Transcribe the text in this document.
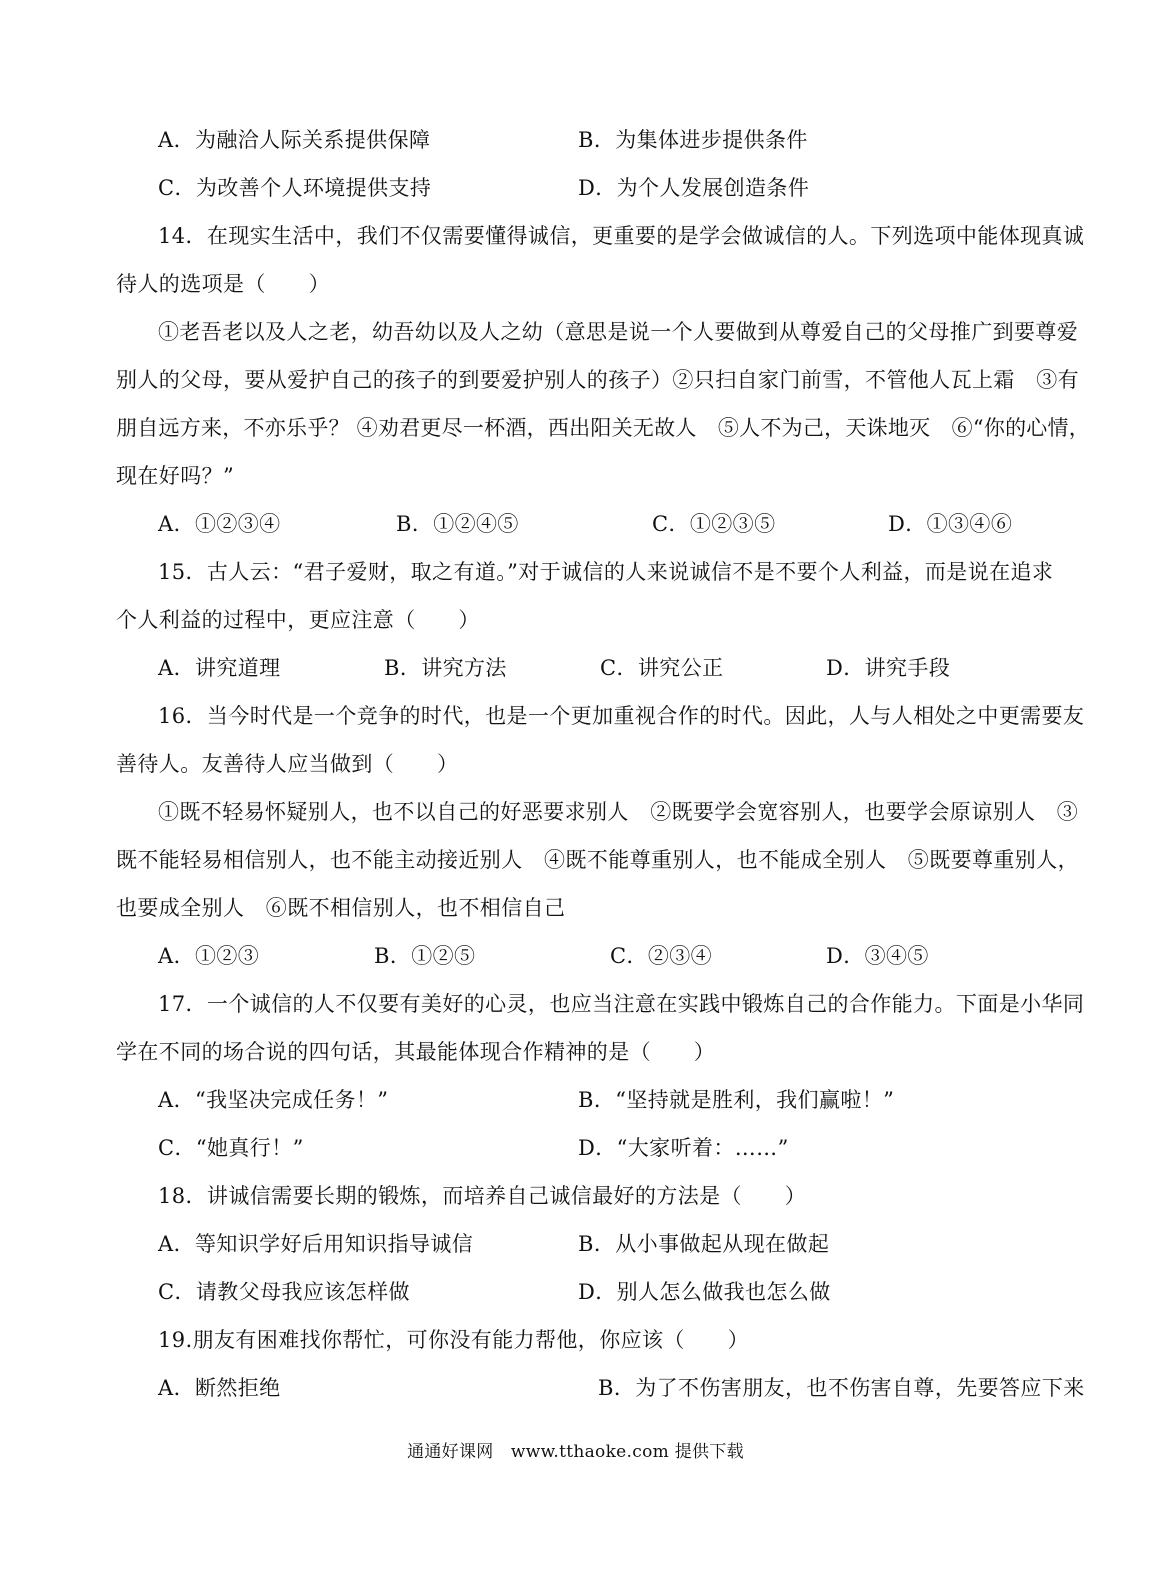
A．为融洽人际关系提供保障	B．为集体进步提供条件
C．为改善个人环境提供支持	D．为个人发展创造条件
14．在现实生活中，我们不仅需要懂得诚信，更重要的是学会做诚信的人。下列选项中能体现真诚
待人的选项是（　　）
①老吾老以及人之老，幼吾幼以及人之幼（意思是说一个人要做到从尊爱自己的父母推广到要尊爱
别人的父母，要从爱护自己的孩子的到要爱护别人的孩子）②只扫自家门前雪，不管他人瓦上霜　③有
朋自远方来，不亦乐乎？ ④劝君更尽一杯酒，西出阳关无故人　⑤人不为己，天诛地灭　⑥“你的心情，
现在好吗？”
A．①②③④	B．①②④⑤	C．①②③⑤	D．①③④⑥
15．古人云：“君子爱财，取之有道。”对于诚信的人来说诚信不是不要个人利益，而是说在追求
个人利益的过程中，更应注意（　　）
A．讲究道理	B．讲究方法	C．讲究公正	D．讲究手段
16．当今时代是一个竞争的时代，也是一个更加重视合作的时代。因此，人与人相处之中更需要友
善待人。友善待人应当做到（　　）
①既不轻易怀疑别人，也不以自己的好恶要求别人　②既要学会宽容别人，也要学会原谅别人　③
既不能轻易相信别人，也不能主动接近别人　④既不能尊重别人，也不能成全别人　⑤既要尊重别人，
也要成全别人　⑥既不相信别人，也不相信自己
A．①②③	B．①②⑤	C．②③④	D．③④⑤
17．一个诚信的人不仅要有美好的心灵，也应当注意在实践中锻炼自己的合作能力。下面是小华同
学在不同的场合说的四句话，其最能体现合作精神的是（　　）
A．“我坚决完成任务！”	B．“坚持就是胜利，我们赢啦！”
C．“她真行！”	D．“大家听着：……”
18．讲诚信需要长期的锻炼，而培养自己诚信最好的方法是（　　）
A．等知识学好后用知识指导诚信	B．从小事做起从现在做起
C．请教父母我应该怎样做	D．别人怎么做我也怎么做
19.朋友有困难找你帮忙，可你没有能力帮他，你应该（　　）
A．断然拒绝	B．为了不伤害朋友，也不伤害自尊，先要答应下来
通通好课网　www.tthaoke.com 提供下载
